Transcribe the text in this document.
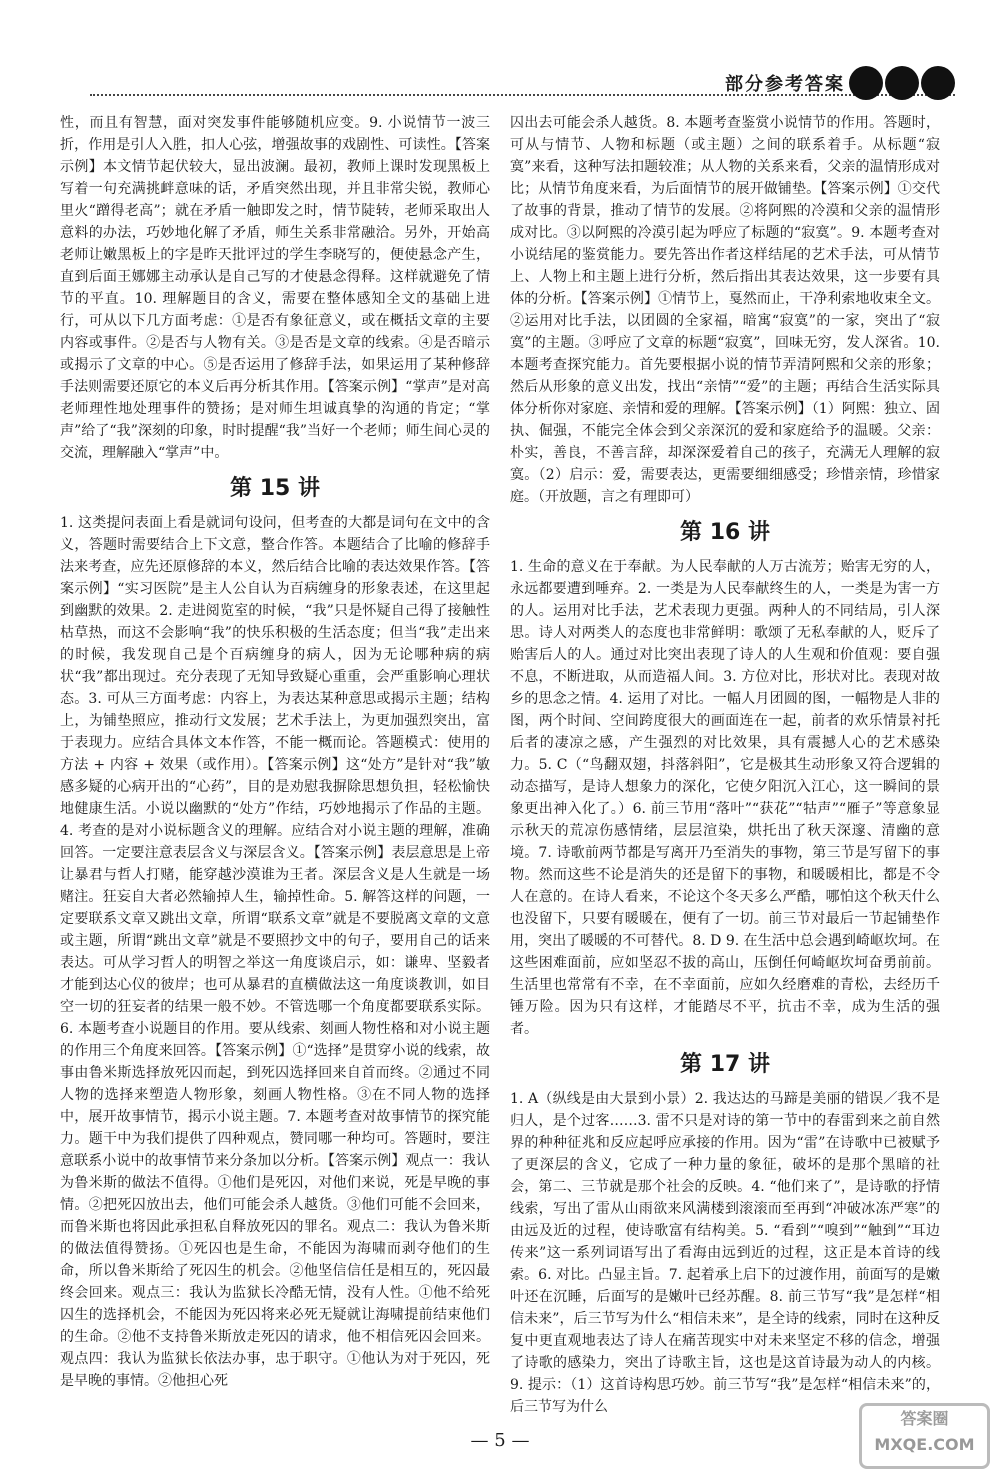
部分参考答案

性，而且有智慧，面对突发事件能够随机应变。9. 小说情节一波三折，作用是引人入胜，扣人心弦，增强故事的戏剧性、可读性。【答案示例】本文情节起伏较大，显出波澜。最初，教师上课时发现黑板上写着一句充满挑衅意味的话，矛盾突然出现，并且非常尖锐，教师心里火“蹭得老高”；就在矛盾一触即发之时，情节陡转，老师采取出人意料的办法，巧妙地化解了矛盾，师生关系非常融洽。另外，开始高老师让嫩黑板上的字是昨天批评过的学生李晓写的，便使悬念产生，直到后面王娜娜主动承认是自己写的才使悬念得释。这样就避免了情节的平直。10. 理解题目的含义，需要在整体感知全文的基础上进行，可从以下几方面考虑：①是否有象征意义，或在概括文章的主要内容或事件。②是否与人物有关。③是否是文章的线索。④是否暗示或揭示了文章的中心。⑤是否运用了修辞手法，如果运用了某种修辞手法则需要还原它的本义后再分析其作用。【答案示例】“掌声”是对高老师理性地处理事件的赞扬；是对师生坦诚真挚的沟通的肯定；“掌声”给了“我”深刻的印象，时时提醒“我”当好一个老师；师生间心灵的交流，理解融入“掌声”中。

第 15 讲

1. 这类提问表面上看是就词句设问，但考查的大都是词句在文中的含义，答题时需要结合上下文意，整合作答。本题结合了比喻的修辞手法来考查，应先还原修辞的本义，然后结合比喻的表达效果作答。【答案示例】“实习医院”是主人公自认为百病缠身的形象表述，在这里起到幽默的效果。2. 走进阅览室的时候，“我”只是怀疑自己得了接触性枯草热，而这不会影响“我”的快乐积极的生活态度；但当“我”走出来的时候，我发现自己是个百病缠身的病人，因为无论哪种病的病状“我”都出现过。充分表现了无知导致疑心重重，会严重影响心理状态。3. 可从三方面考虑：内容上，为表达某种意思或揭示主题；结构上，为铺垫照应，推动行文发展；艺术手法上，为更加强烈突出，富于表现力。应结合具体文本作答，不能一概而论。答题模式：使用的方法 + 内容 + 效果（或作用）。【答案示例】这“处方”是针对“我”敏感多疑的心病开出的“心药”，目的是劝慰我摒除思想负担，轻松愉快地健康生活。小说以幽默的“处方”作结，巧妙地揭示了作品的主题。4. 考查的是对小说标题含义的理解。应结合对小说主题的理解，准确回答。一定要注意表层含义与深层含义。【答案示例】表层意思是上帝让暴君与哲人打赌，能穿越沙漠谁为王者。深层含义是人生就是一场赌注。狂妄自大者必然输掉人生，输掉性命。5. 解答这样的问题，一定要联系文章又跳出文章，所谓“联系文章”就是不要脱离文章的文意或主题，所谓“跳出文章”就是不要照抄文中的句子，要用自己的话来表达。可从学习哲人的明智之举这一角度谈启示，如：谦卑、坚毅者才能到达心仪的彼岸；也可从暴君的直横做法这一角度谈教训，如目空一切的狂妄者的结果一般不妙。不管选哪一个角度都要联系实际。6. 本题考查小说题目的作用。要从线索、刻画人物性格和对小说主题的作用三个角度来回答。【答案示例】①“选择”是贯穿小说的线索，故事由鲁米斯选择放死囚而起，到死囚选择回来自首而终。②通过不同人物的选择来塑造人物形象，刻画人物性格。③在不同人物的选择中，展开故事情节，揭示小说主题。7. 本题考查对故事情节的探究能力。题干中为我们提供了四种观点，赞同哪一种均可。答题时，要注意联系小说中的故事情节来分条加以分析。【答案示例】观点一：我认为鲁米斯的做法不值得。①他们是死囚，对他们来说，死是早晚的事情。②把死囚放出去，他们可能会杀人越货。③他们可能不会回来，而鲁米斯也将因此承担私自释放死囚的罪名。观点二：我认为鲁米斯的做法值得赞扬。①死囚也是生命，不能因为海啸而剥夺他们的生命，所以鲁米斯给了死囚生的机会。②他坚信信任是相互的，死囚最终会回来。观点三：我认为监狱长冷酷无情，没有人性。①他不给死囚生的选择机会，不能因为死囚将来必死无疑就让海啸提前结束他们的生命。②他不支持鲁米斯放走死囚的请求，他不相信死囚会回来。观点四：我认为监狱长依法办事，忠于职守。①他认为对于死囚，死是早晚的事情。②他担心死

囚出去可能会杀人越货。8. 本题考查鉴赏小说情节的作用。答题时，可从与情节、人物和标题（或主题）之间的联系着手。从标题“寂寞”来看，这种写法扣题较准；从人物的关系来看，父亲的温情形成对比；从情节角度来看，为后面情节的展开做铺垫。【答案示例】①交代了故事的背景，推动了情节的发展。②将阿熙的冷漠和父亲的温情形成对比。③以阿熙的冷漠引起为呼应了标题的“寂寞”。9. 本题考查对小说结尾的鉴赏能力。要先答出作者这样结尾的艺术手法，可从情节上、人物上和主题上进行分析，然后指出其表达效果，这一步要有具体的分析。【答案示例】①情节上，戛然而止，干净利索地收束全文。②运用对比手法，以团圆的全家福，暗寓“寂寞”的一家，突出了“寂寞”的主题。③呼应了文章的标题“寂寞”，回味无穷，发人深省。10. 本题考查探究能力。首先要根据小说的情节弄清阿熙和父亲的形象；然后从形象的意义出发，找出“亲情”“爱”的主题；再结合生活实际具体分析你对家庭、亲情和爱的理解。【答案示例】（1）阿熙：独立、固执、倔强，不能完全体会到父亲深沉的爱和家庭给予的温暖。父亲：朴实，善良，不善言辞，却深深爱着自己的孩子，充满无人理解的寂寞。（2）启示：爱，需要表达，更需要细细感受；珍惜亲情，珍惜家庭。（开放题，言之有理即可）

第 16 讲

1. 生命的意义在于奉献。为人民奉献的人万古流芳；贻害无穷的人，永远都要遭到唾弃。2. 一类是为人民奉献终生的人，一类是为害一方的人。运用对比手法，艺术表现力更强。两种人的不同结局，引人深思。诗人对两类人的态度也非常鲜明：歌颂了无私奉献的人，贬斥了贻害后人的人。通过对比突出表现了诗人的人生观和价值观：要自强不息，不断进取，从而造福人间。3. 方位对比，形状对比。表现对故乡的思念之情。4. 运用了对比。一幅人月团圆的图，一幅物是人非的图，两个时间、空间跨度很大的画面连在一起，前者的欢乐情景衬托后者的凄凉之感，产生强烈的对比效果，具有震撼人心的艺术感染力。5. C（“鸟翻双翅，抖落斜阳”，它是极其生动形象又符合逻辑的动态描写，是诗人想象力的深化，它使夕阳沉入江心，这一瞬间的景象更出神入化了。）6. 前三节用“落叶”“获花”“牯声”“雁子”等意象显示秋天的荒凉伤感情绪，层层渲染，烘托出了秋天深邃、清幽的意境。7. 诗歌前两节都是写离开乃至消失的事物，第三节是写留下的事物。然而这些不论是消失的还是留下的事物，和暖暖相比，都是不令人在意的。在诗人看来，不论这个冬天多么严酷，哪怕这个秋天什么也没留下，只要有暖暖在，便有了一切。前三节对最后一节起铺垫作用，突出了暖暖的不可替代。8. D 9. 在生活中总会遇到崎岖坎坷。在这些困难面前，应如坚忍不拔的高山，压倒任何崎岖坎坷奋勇前前。生活里也常常有不幸，在不幸面前，应如久经磨难的青松，去经历千锤万险。因为只有这样，才能踏尽不平，抗击不幸，成为生活的强者。

第 17 讲

1. A（纵线是由大景到小景）2. 我达达的马蹄是美丽的错误／我不是归人，是个过客……3. 雷不只是对诗的第一节中的春雷到来之前自然界的种种征兆和反应起呼应承接的作用。因为“雷”在诗歌中已被赋予了更深层的含义，它成了一种力量的象征，破坏的是那个黑暗的社会，第二、三节就是那个社会的反映。4. “他们来了”，是诗歌的抒情线索，写出了雷从山雨欲来风满楼到滚滚而至再到“冲破冰冻严寒”的由远及近的过程，使诗歌富有结构美。5. “看到”“嗅到”“触到”“耳边传来”这一系列词语写出了看海由远到近的过程，这正是本首诗的线索。6. 对比。凸显主旨。7. 起着承上启下的过渡作用，前面写的是嫩叶还在沉睡，后面写的是嫩叶已经苏醒。8. 前三节写“我”是怎样“相信未来”，后三节写为什么“相信未来”，是全诗的线索，同时在这种反复中更直观地表达了诗人在痛苦现实中对未来坚定不移的信念，增强了诗歌的感染力，突出了诗歌主旨，这也是这首诗最为动人的内核。9. 提示：（1）这首诗构思巧妙。前三节写“我”是怎样“相信未来”的，后三节写为什么

— 5 —
答案圈 MXQE.COM
